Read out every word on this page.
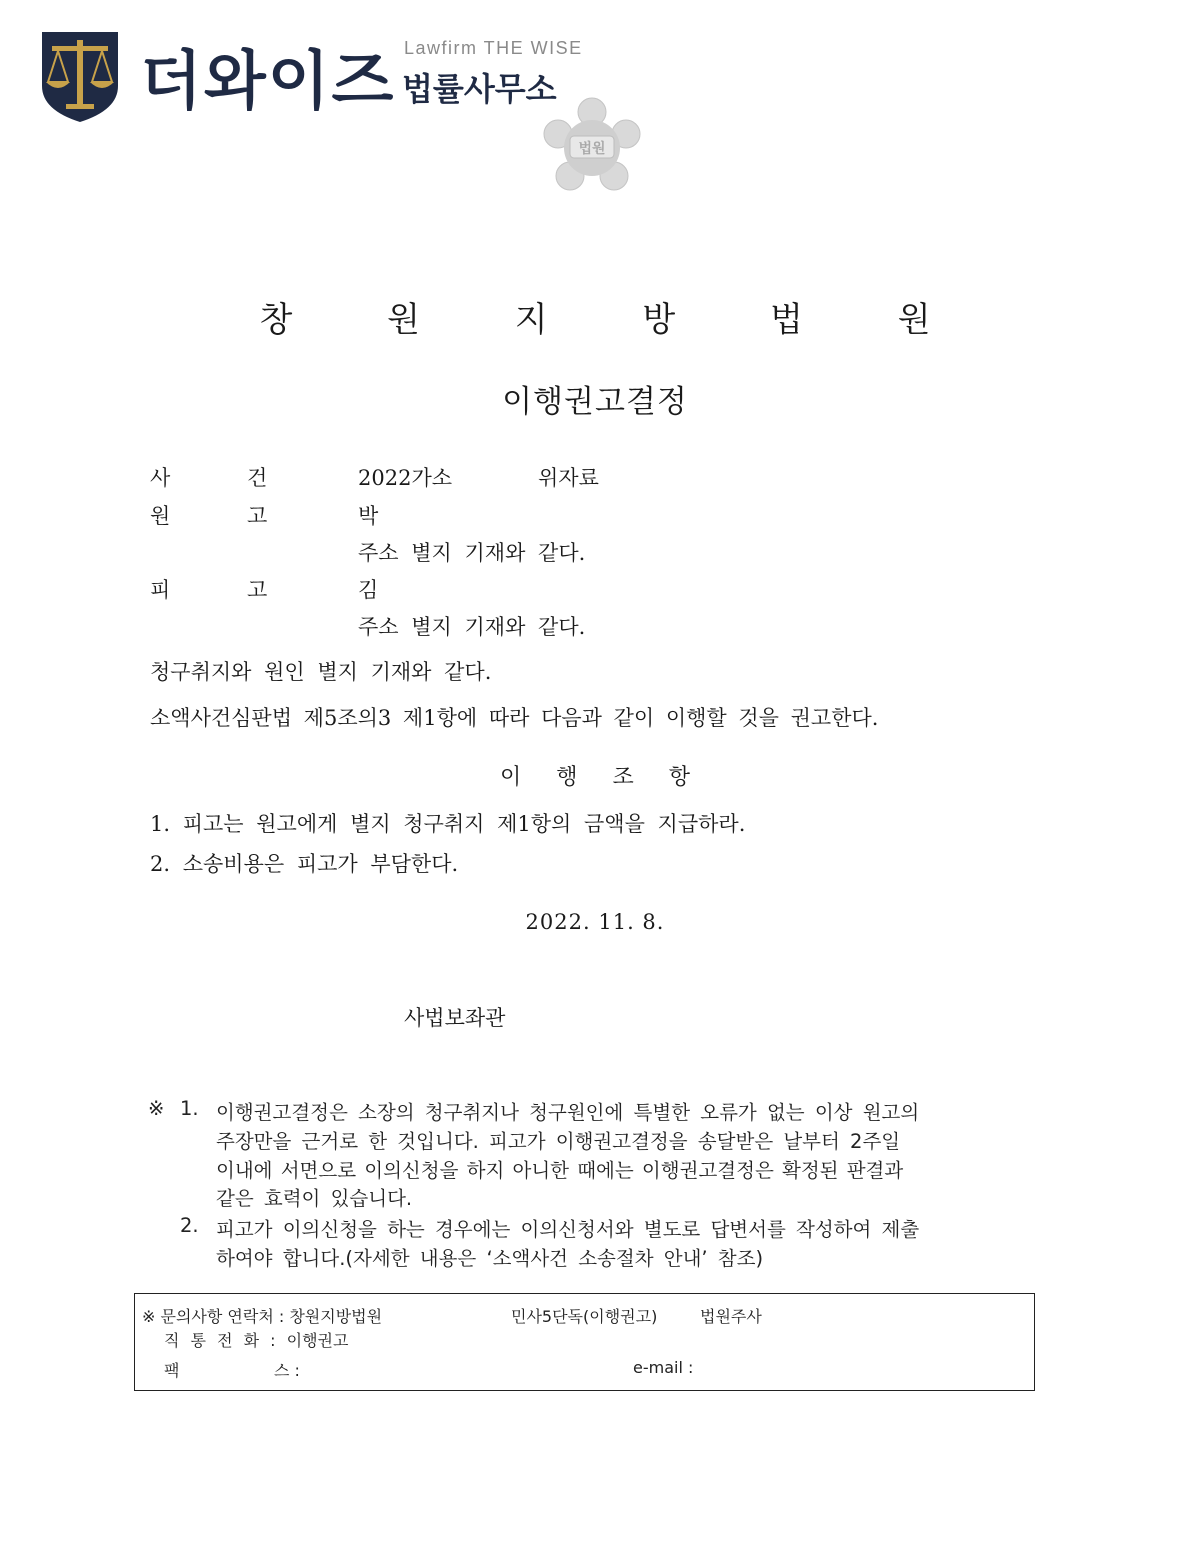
더와이즈 Lawfirm THE WISE
법률사무소
법원
창 원 지 방 법 원
이행권고결정
사 건	2022가소	위자료
원 고	박
주소 별지 기재와 같다.
피 고	김
주소 별지 기재와 같다.
청구취지와 원인 별지 기재와 같다.
소액사건심판법 제5조의3 제1항에 따라 다음과 같이 이행할 것을 권고한다.
이 행 조 항
1. 피고는 원고에게 별지 청구취지 제1항의 금액을 지급하라.
2. 소송비용은 피고가 부담한다.
2022. 11. 8.
사법보좌관
※ 1. 이행권고결정은 소장의 청구취지나 청구원인에 특별한 오류가 없는 이상 원고의
주장만을 근거로 한 것입니다. 피고가 이행권고결정을 송달받은 날부터 2주일
이내에 서면으로 이의신청을 하지 아니한 때에는 이행권고결정은 확정된 판결과
같은 효력이 있습니다.
2. 피고가 이의신청을 하는 경우에는 이의신청서와 별도로 답변서를 작성하여 제출
하여야 합니다.(자세한 내용은 ‘소액사건 소송절차 안내’ 참조)
※ 문의사항 연락처 : 창원지방법원	민사5단독(이행권고)	법원주사
직 통 전 화 : 이행권고
팩	스 :	e-mail :
